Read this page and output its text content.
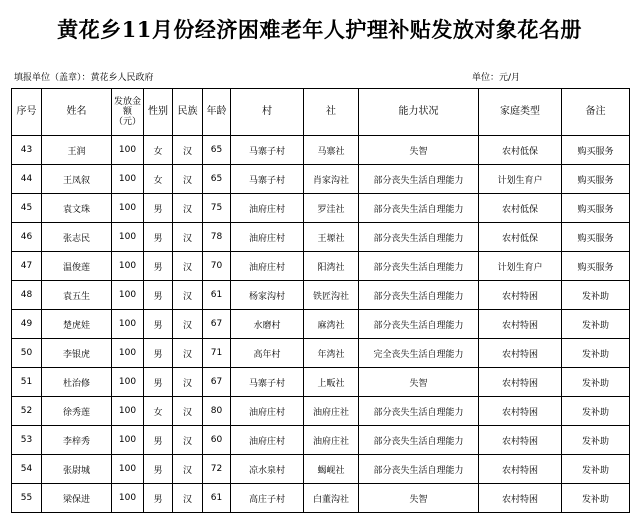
黄花乡11月份经济困难老年人护理补贴发放对象花名册
填报单位（盖章）：黄花乡人民政府	单位：元/月
序号	姓名	发放金额（元）	性别	民族	年龄	村	社	能力状况	家庭类型	备注
43	王润	100	女	汉	65	马寨子村	马寨社	失智	农村低保	购买服务
44	王凤叙	100	女	汉	65	马寨子村	肖家沟社	部分丧失生活自理能力	计划生育户	购买服务
45	袁文珠	100	男	汉	75	油府庄村	罗洼社	部分丧失生活自理能力	农村低保	购买服务
46	张志民	100	男	汉	78	油府庄村	王塬社	部分丧失生活自理能力	农村低保	购买服务
47	温俊莲	100	男	汉	70	油府庄村	阳湾社	部分丧失生活自理能力	计划生育户	购买服务
48	袁五生	100	男	汉	61	杨家沟村	铁匠沟社	部分丧失生活自理能力	农村特困	发补助
49	楚虎娃	100	男	汉	67	水磨村	麻湾社	部分丧失生活自理能力	农村特困	发补助
50	李银虎	100	男	汉	71	高年村	年湾社	完全丧失生活自理能力	农村特困	发补助
51	杜治修	100	男	汉	67	马寨子村	上畈社	失智	农村特困	发补助
52	徐秀莲	100	女	汉	80	油府庄村	油府庄社	部分丧失生活自理能力	农村特困	发补助
53	李梓秀	100	男	汉	60	油府庄村	油府庄社	部分丧失生活自理能力	农村特困	发补助
54	张尉城	100	男	汉	72	凉水泉村	蝎岘社	部分丧失生活自理能力	农村特困	发补助
55	梁保进	100	男	汉	61	高庄子村	白董沟社	失智	农村特困	发补助
